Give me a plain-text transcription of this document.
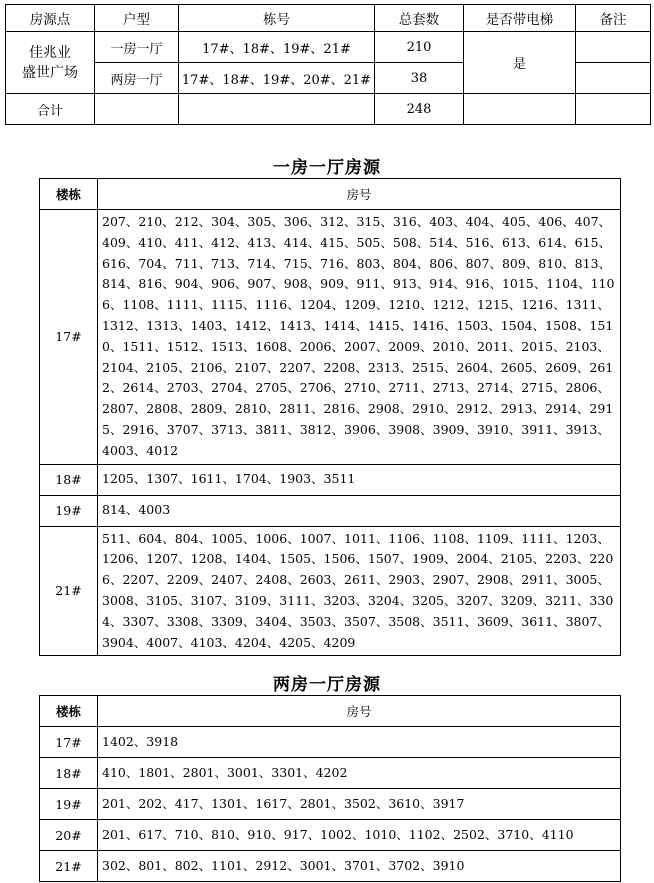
房源点	户型	栋号	总套数	是否带电梯	备注

佳兆业
盛世广场	一房一厅	17#、18#、19#、21#	210	是	
	两房一厅	17#、18#、19#、20#、21#	38		
合计			248		
一房一厅房源
楼栋	房号
17#	207、210、212、304、305、306、312、315、316、403、404、405、406、407、409、410、411、412、413、414、415、505、508、514、516、613、614、615、616、704、711、713、714、715、716、803、804、806、807、809、810、813、814、816、904、906、907、908、909、911、913、914、916、1015、1104、1106、1108、1111、1115、1116、1204、1209、1210、1212、1215、1216、1311、1312、1313、1403、1412、1413、1414、1415、1416、1503、1504、1508、1510、1511、1512、1513、1608、2006、2007、2009、2010、2011、2015、2103、2104、2105、2106、2107、2207、2208、2313、2515、2604、2605、2609、2612、2614、2703、2704、2705、2706、2710、2711、2713、2714、2715、2806、2807、2808、2809、2810、2811、2816、2908、2910、2912、2913、2914、2915、2916、3707、3713、3811、3812、3906、3908、3909、3910、3911、3913、4003、4012
18#	1205、1307、1611、1704、1903、3511
19#	814、4003
21#	511、604、804、1005、1006、1007、1011、1106、1108、1109、1111、1203、1206、1207、1208、1404、1505、1506、1507、1909、2004、2105、2203、2206、2207、2209、2407、2408、2603、2611、2903、2907、2908、2911、3005、3008、3105、3107、3109、3111、3203、3204、3205、3207、3209、3211、3304、3307、3308、3309、3404、3503、3507、3508、3511、3609、3611、3807、3904、4007、4103、4204、4205、4209
两房一厅房源
楼栋	房号
17#	1402、3918
18#	410、1801、2801、3001、3301、4202
19#	201、202、417、1301、1617、2801、3502、3610、3917
20#	201、617、710、810、910、917、1002、1010、1102、2502、3710、4110
21#	302、801、802、1101、2912、3001、3701、3702、3910
